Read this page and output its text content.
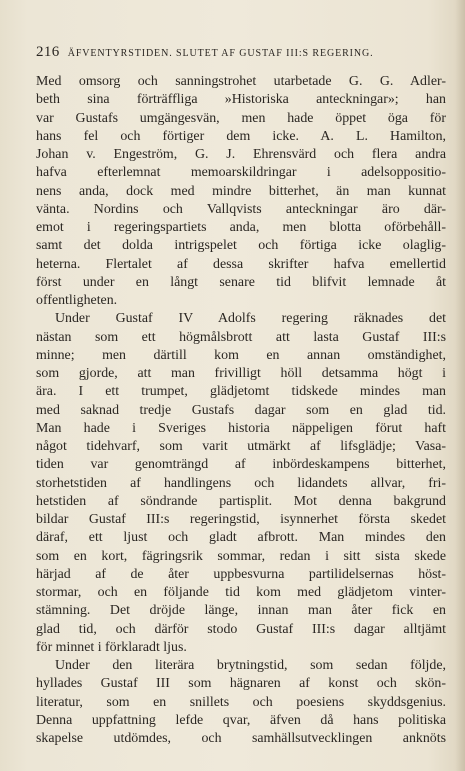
216 ÄFVENTYRSTIDEN. SLUTET AF GUSTAF III:S REGERING.
Med omsorg och sanningstrohet utarbetade G. G. Adler-
beth sina förträffliga »Historiska anteckningar»; han
var Gustafs umgängesvän, men hade öppet öga för
hans fel och förtiger dem icke. A. L. Hamilton,
Johan v. Engeström, G. J. Ehrensvärd och flera andra
hafva efterlemnat memoarskildringar i adelsoppositio-
nens anda, dock med mindre bitterhet, än man kunnat
vänta. Nordins och Vallqvists anteckningar äro där-
emot i regeringspartiets anda, men blotta oförbehåll-
samt det dolda intrigspelet och förtiga icke olaglig-
heterna. Flertalet af dessa skrifter hafva emellertid
först under en långt senare tid blifvit lemnade åt
offentligheten.
Under Gustaf IV Adolfs regering räknades det
nästan som ett högmålsbrott att lasta Gustaf III:s
minne; men därtill kom en annan omständighet,
som gjorde, att man frivilligt höll detsamma högt i
ära. I ett trumpet, glädjetomt tidskede mindes man
med saknad tredje Gustafs dagar som en glad tid.
Man hade i Sveriges historia näppeligen förut haft
något tidehvarf, som varit utmärkt af lifsglädje; Vasa-
tiden var genomträngd af inbördeskampens bitterhet,
storhetstiden af handlingens och lidandets allvar, fri-
hetstiden af söndrande partisplit. Mot denna bakgrund
bildar Gustaf III:s regeringstid, isynnerhet första skedet
däraf, ett ljust och gladt afbrott. Man mindes den
som en kort, fägringsrik sommar, redan i sitt sista skede
härjad af de åter uppbesvurna partilidelsernas höst-
stormar, och en följande tid kom med glädjetom vinter-
stämning. Det dröjde länge, innan man åter fick en
glad tid, och därför stodo Gustaf III:s dagar alltjämt
för minnet i förklaradt ljus.
Under den literära brytningstid, som sedan följde,
hyllades Gustaf III som hägnaren af konst och skön-
literatur, som en snillets och poesiens skyddsgenius.
Denna uppfattning lefde qvar, äfven då hans politiska
skapelse utdömdes, och samhällsutvecklingen anknöts
